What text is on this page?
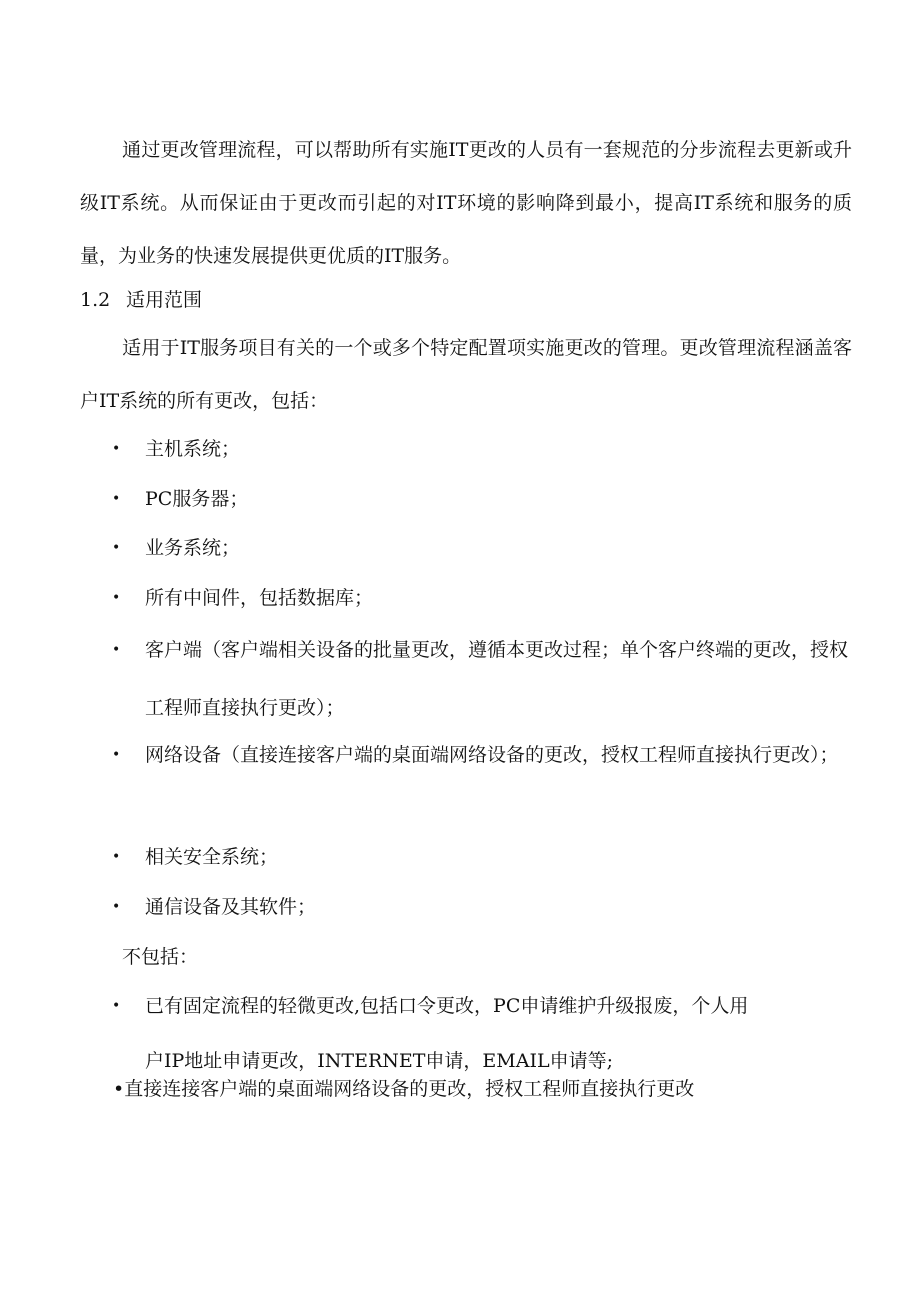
通过更改管理流程，可以帮助所有实施IT更改的人员有一套规范的分步流程去更新或升级IT系统。从而保证由于更改而引起的对IT环境的影响降到最小，提高IT系统和服务的质量，为业务的快速发展提供更优质的IT服务。

1.2 适用范围

适用于IT服务项目有关的一个或多个特定配置项实施更改的管理。更改管理流程涵盖客户IT系统的所有更改，包括：

•	主机系统；
•	PC服务器；
•	业务系统；
•	所有中间件，包括数据库；
•	客户端（客户端相关设备的批量更改，遵循本更改过程；单个客户终端的更改，授权工程师直接执行更改）；
•	网络设备（直接连接客户端的桌面端网络设备的更改，授权工程师直接执行更改）；
•	相关安全系统；
•	通信设备及其软件；
不包括：
•	已有固定流程的轻微更改,包括口令更改，PC申请维护升级报废，个人用
户IP地址申请更改，INTERNET申请，EMAIL申请等;
•直接连接客户端的桌面端网络设备的更改，授权工程师直接执行更改
